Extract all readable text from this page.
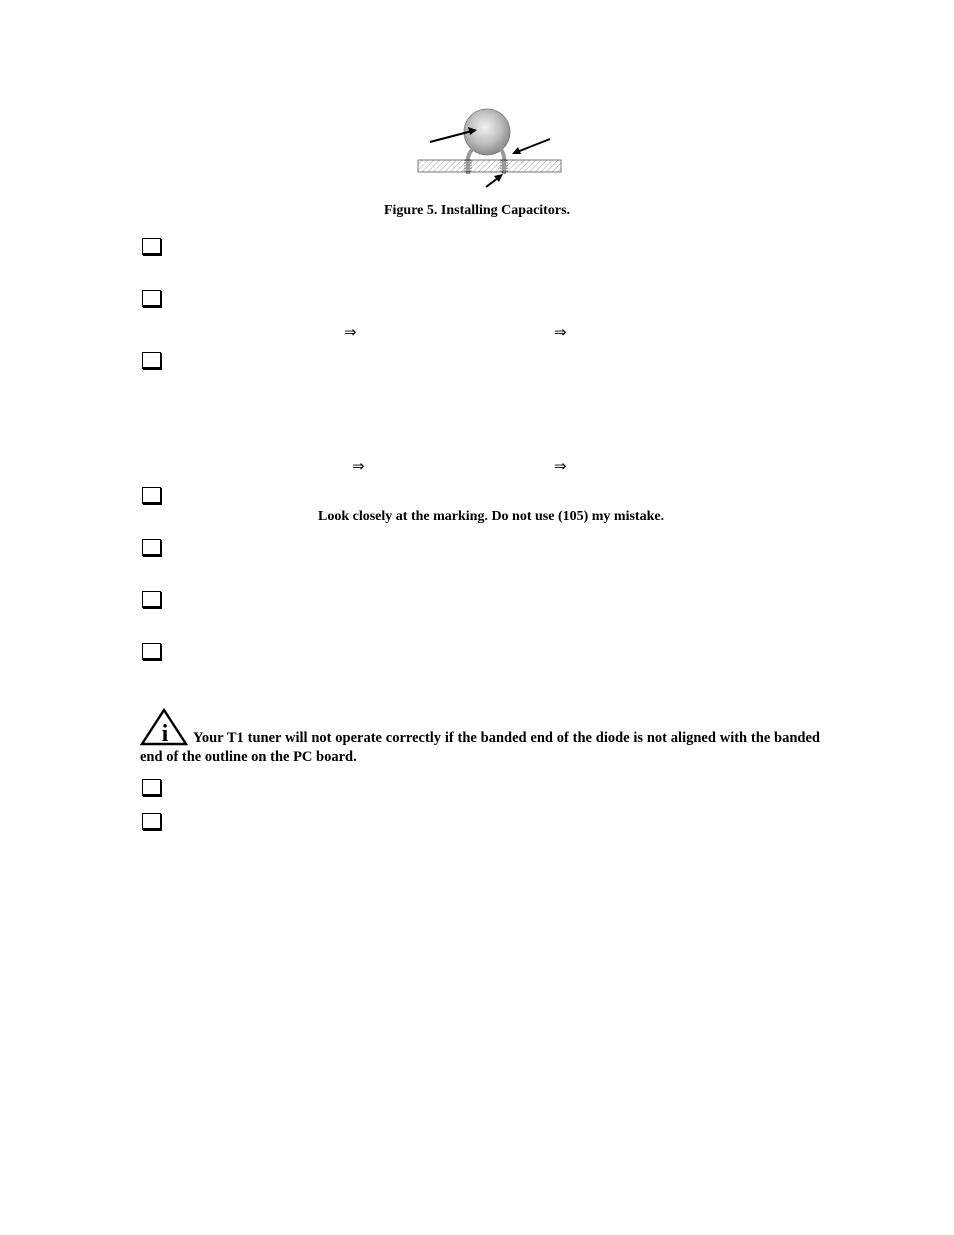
Figure 5. Installing Capacitors.
⇒	⇒
⇒	⇒
Look closely at the marking. Do not use (105) my mistake.
i	Your T1 tuner will not operate correctly if the banded end of the diode is not aligned with the banded end of the outline on the PC board.
